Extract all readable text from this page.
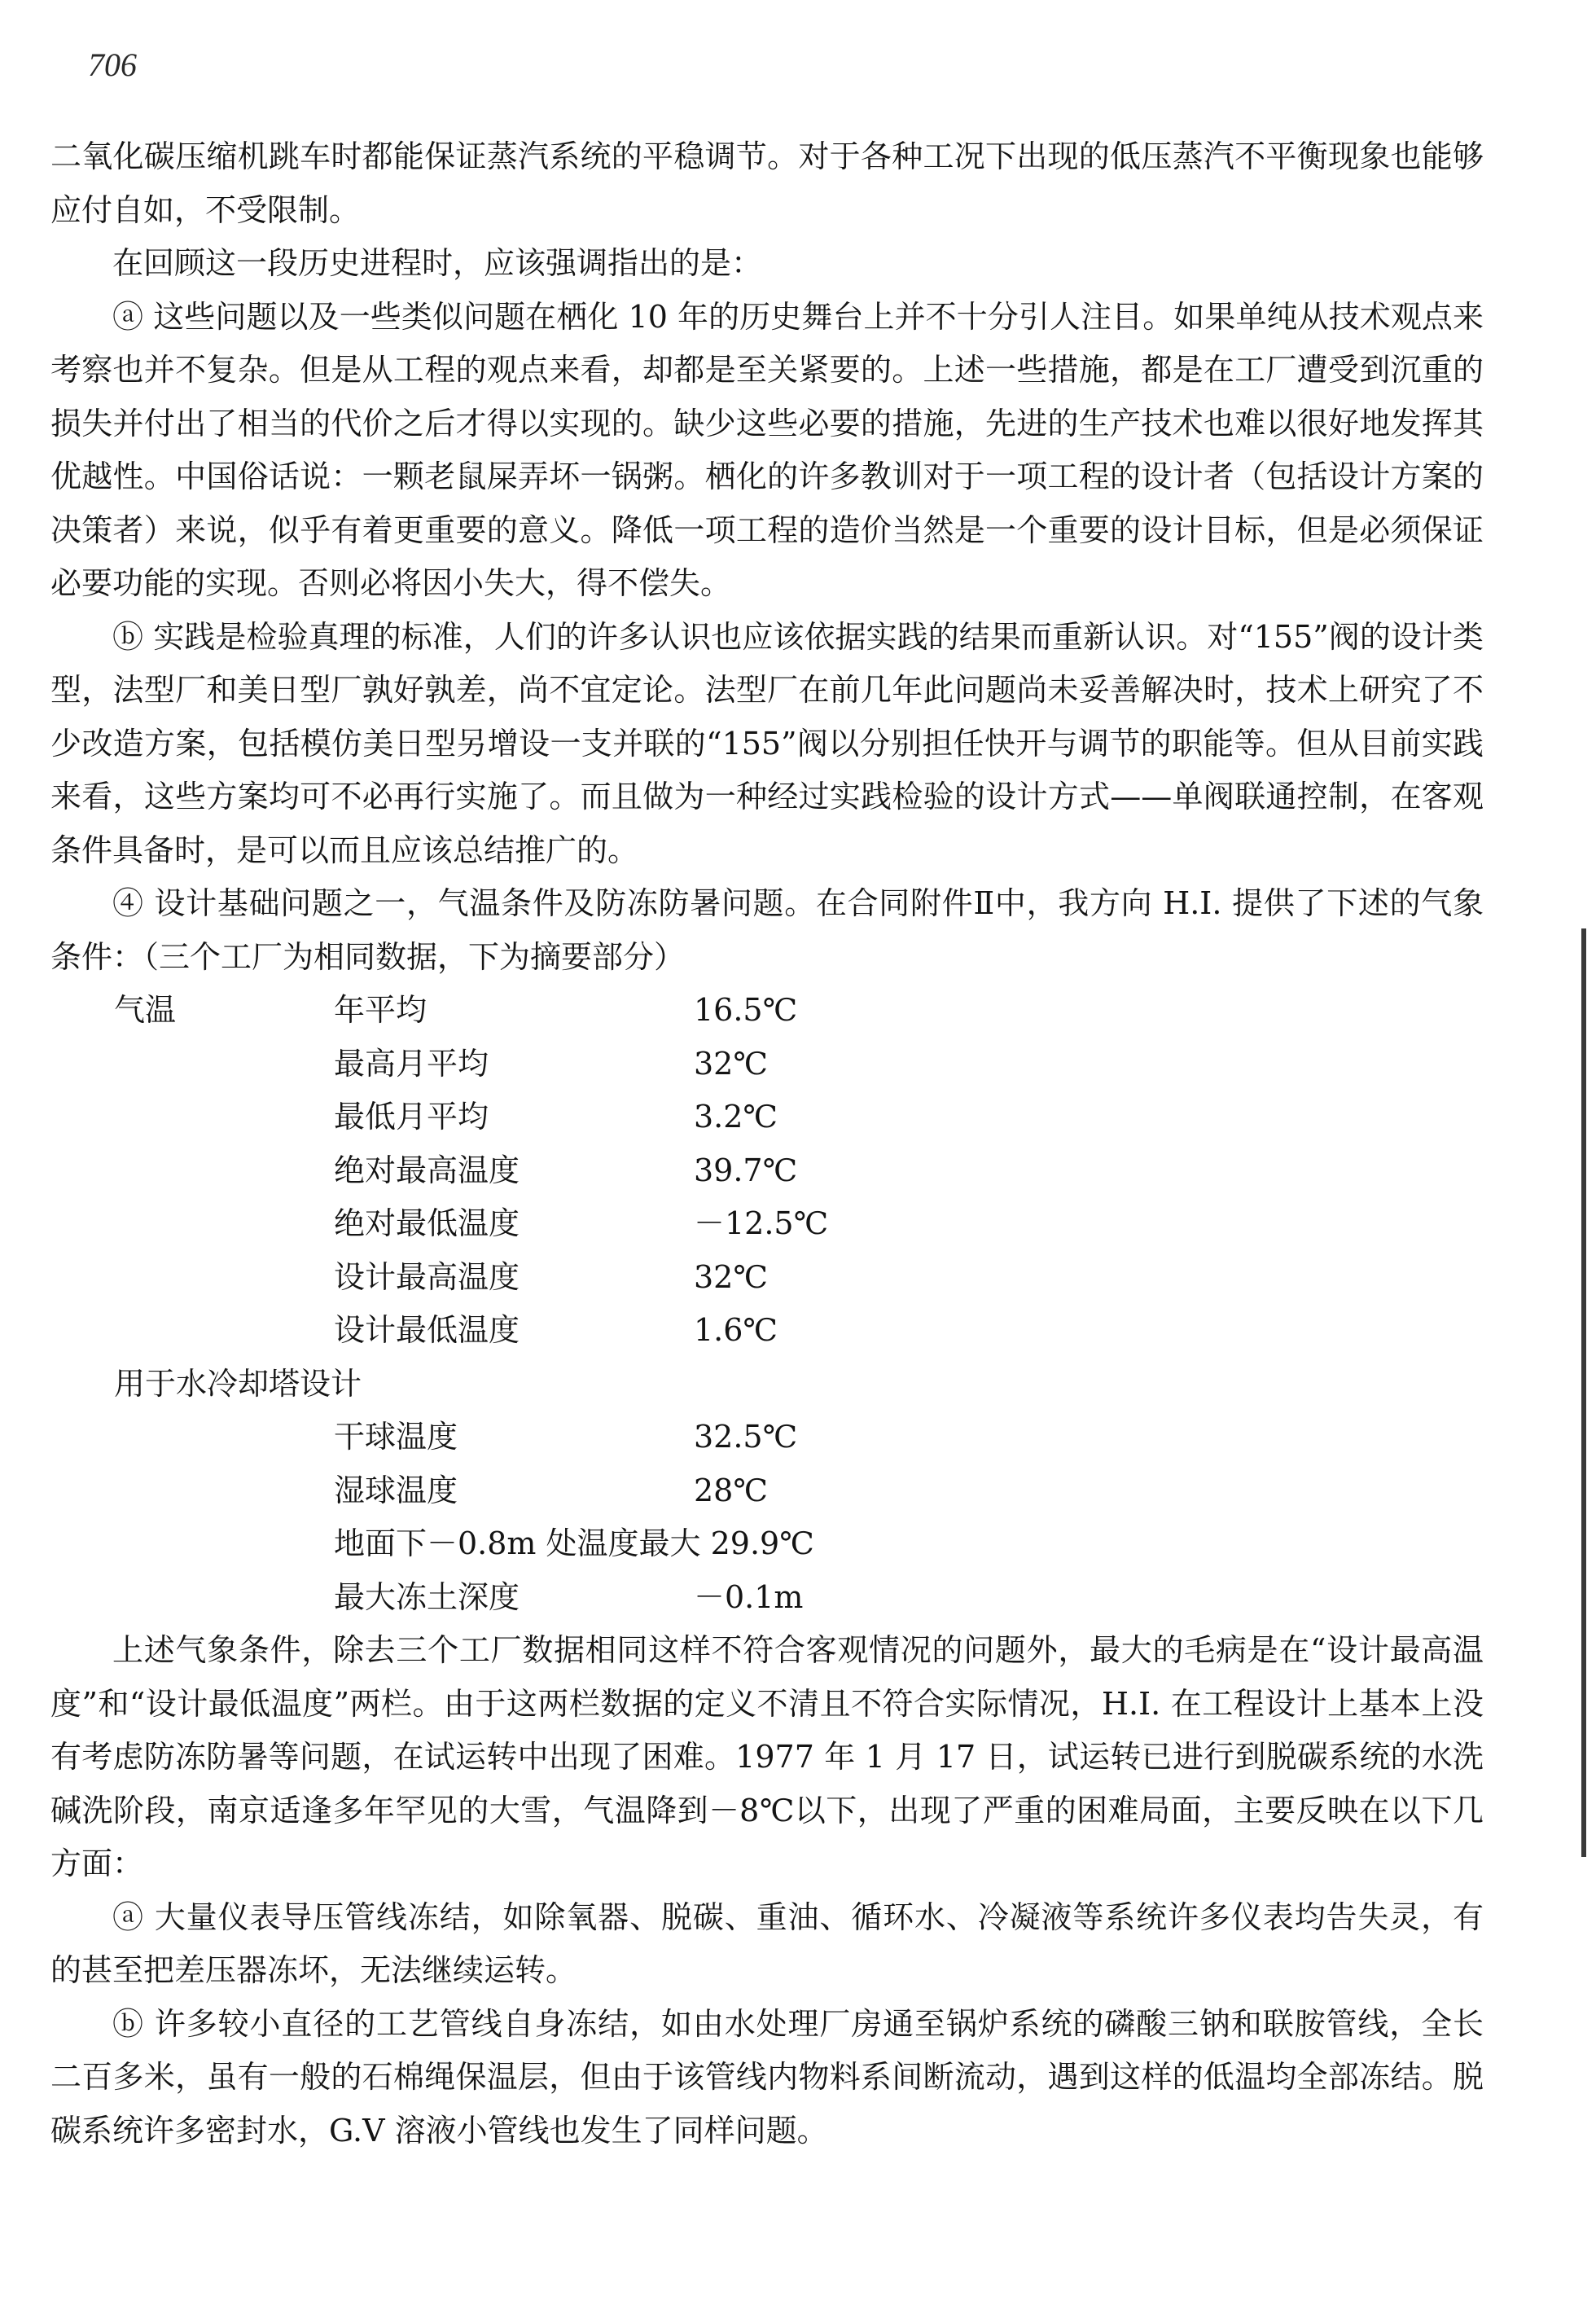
706

二氧化碳压缩机跳车时都能保证蒸汽系统的平稳调节。对于各种工况下出现的低压蒸汽不平衡现象也能够应付自如，不受限制。

在回顾这一段历史进程时，应该强调指出的是：

ⓐ 这些问题以及一些类似问题在栖化 10 年的历史舞台上并不十分引人注目。如果单纯从技术观点来考察也并不复杂。但是从工程的观点来看，却都是至关紧要的。上述一些措施，都是在工厂遭受到沉重的损失并付出了相当的代价之后才得以实现的。缺少这些必要的措施，先进的生产技术也难以很好地发挥其优越性。中国俗话说：一颗老鼠屎弄坏一锅粥。栖化的许多教训对于一项工程的设计者（包括设计方案的决策者）来说，似乎有着更重要的意义。降低一项工程的造价当然是一个重要的设计目标，但是必须保证必要功能的实现。否则必将因小失大，得不偿失。

ⓑ 实践是检验真理的标准，人们的许多认识也应该依据实践的结果而重新认识。对“155”阀的设计类型，法型厂和美日型厂孰好孰差，尚不宜定论。法型厂在前几年此问题尚未妥善解决时，技术上研究了不少改造方案，包括模仿美日型另增设一支并联的“155”阀以分别担任快开与调节的职能等。但从目前实践来看，这些方案均可不必再行实施了。而且做为一种经过实践检验的设计方式——单阀联通控制，在客观条件具备时，是可以而且应该总结推广的。

④ 设计基础问题之一，气温条件及防冻防暑问题。在合同附件Ⅱ中，我方向 H.I. 提供了下述的气象条件：（三个工厂为相同数据，下为摘要部分）

气温	年平均	16.5℃
最高月平均	32℃
最低月平均	3.2℃
绝对最高温度	39.7℃
绝对最低温度	－12.5℃
设计最高温度	32℃
设计最低温度	1.6℃
用于水冷却塔设计
干球温度	32.5℃
湿球温度	28℃
地面下－0.8m 处温度最大 29.9℃
最大冻土深度	－0.1m

上述气象条件，除去三个工厂数据相同这样不符合客观情况的问题外，最大的毛病是在“设计最高温度”和“设计最低温度”两栏。由于这两栏数据的定义不清且不符合实际情况，H.I. 在工程设计上基本上没有考虑防冻防暑等问题，在试运转中出现了困难。1977 年 1 月 17 日，试运转已进行到脱碳系统的水洗碱洗阶段，南京适逢多年罕见的大雪，气温降到－8℃以下，出现了严重的困难局面，主要反映在以下几方面：

ⓐ 大量仪表导压管线冻结，如除氧器、脱碳、重油、循环水、冷凝液等系统许多仪表均告失灵，有的甚至把差压器冻坏，无法继续运转。

ⓑ 许多较小直径的工艺管线自身冻结，如由水处理厂房通至锅炉系统的磷酸三钠和联胺管线，全长二百多米，虽有一般的石棉绳保温层，但由于该管线内物料系间断流动，遇到这样的低温均全部冻结。脱碳系统许多密封水，G.V 溶液小管线也发生了同样问题。
